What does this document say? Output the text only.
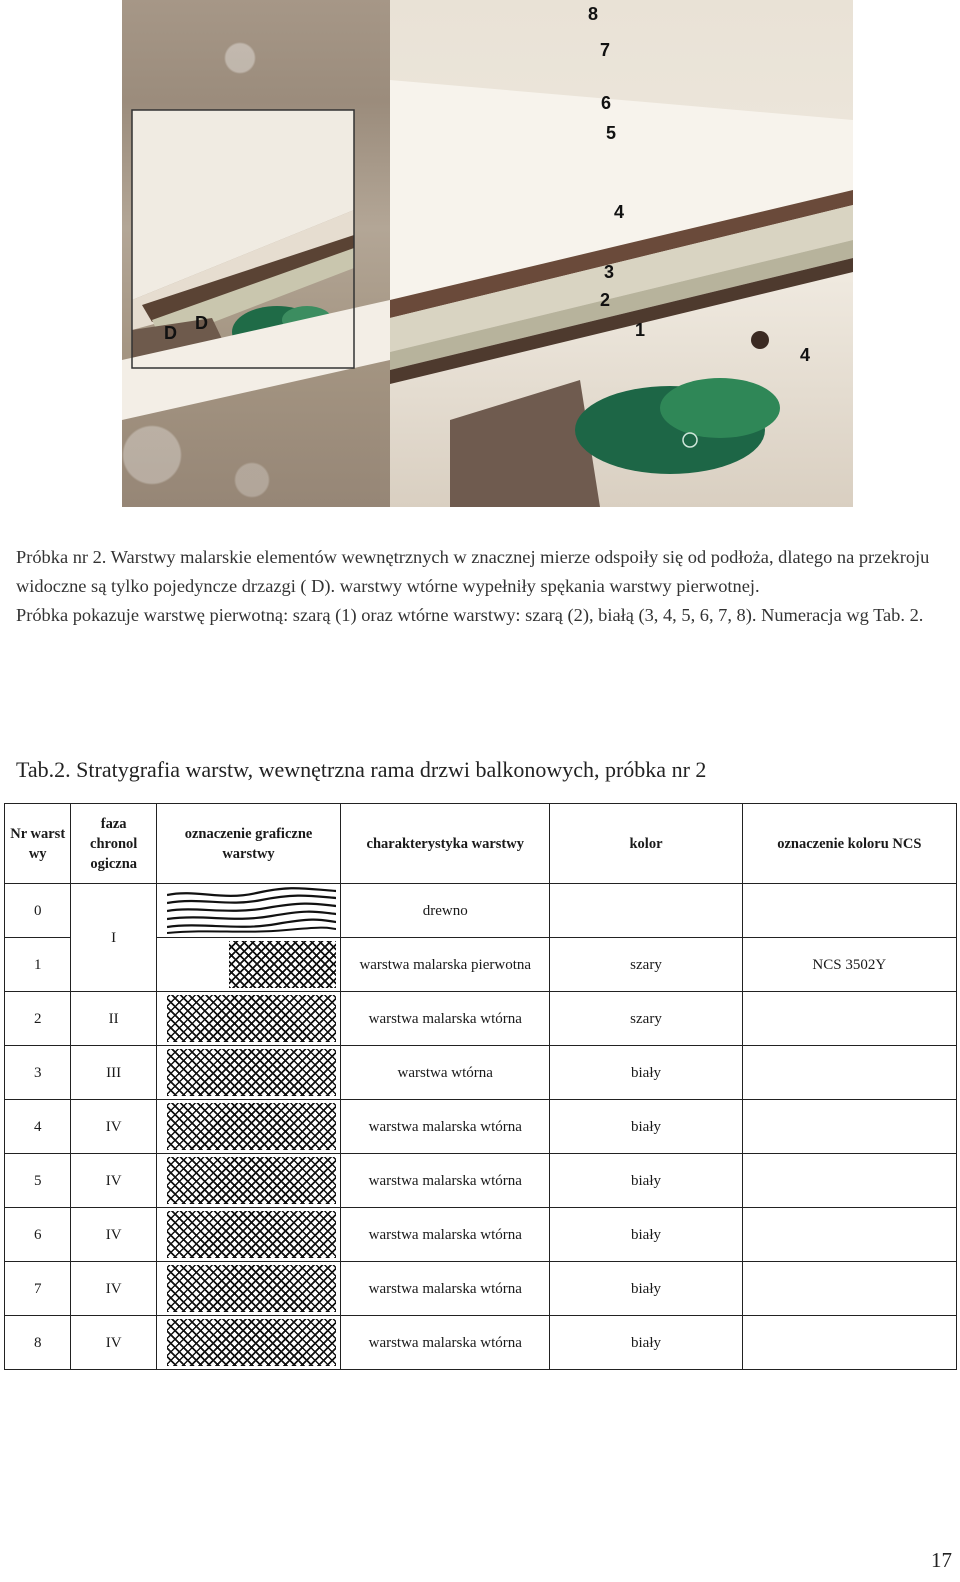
D D
8
7
6
5
4
3
2
1
4

Próbka nr 2. Warstwy malarskie elementów wewnętrznych w znacznej mierze odspoiły się od podłoża, dlatego na przekroju widoczne są tylko pojedyncze drzazgi ( D). warstwy wtórne wypełniły spękania warstwy pierwotnej.

Próbka pokazuje warstwę pierwotną: szarą (1) oraz wtórne warstwy: szarą (2), białą (3, 4, 5, 6, 7, 8). Numeracja wg Tab. 2.

Tab.2. Stratygrafia warstw, wewnętrzna rama drzwi balkonowych, próbka nr 2
Nr warst wy	faza chronol ogiczna	oznaczenie graficzne warstwy	charakterystyka warstwy	kolor	oznaczenie koloru NCS
0	I		drewno		
1			warstwa malarska pierwotna	szary	NCS 3502Y
2	II		warstwa malarska wtórna	szary	
3	III		warstwa wtórna	biały	
4	IV		warstwa malarska wtórna	biały	
5	IV		warstwa malarska wtórna	biały	
6	IV		warstwa malarska wtórna	biały	
7	IV		warstwa malarska wtórna	biały	
8	IV		warstwa malarska wtórna	biały	
17
